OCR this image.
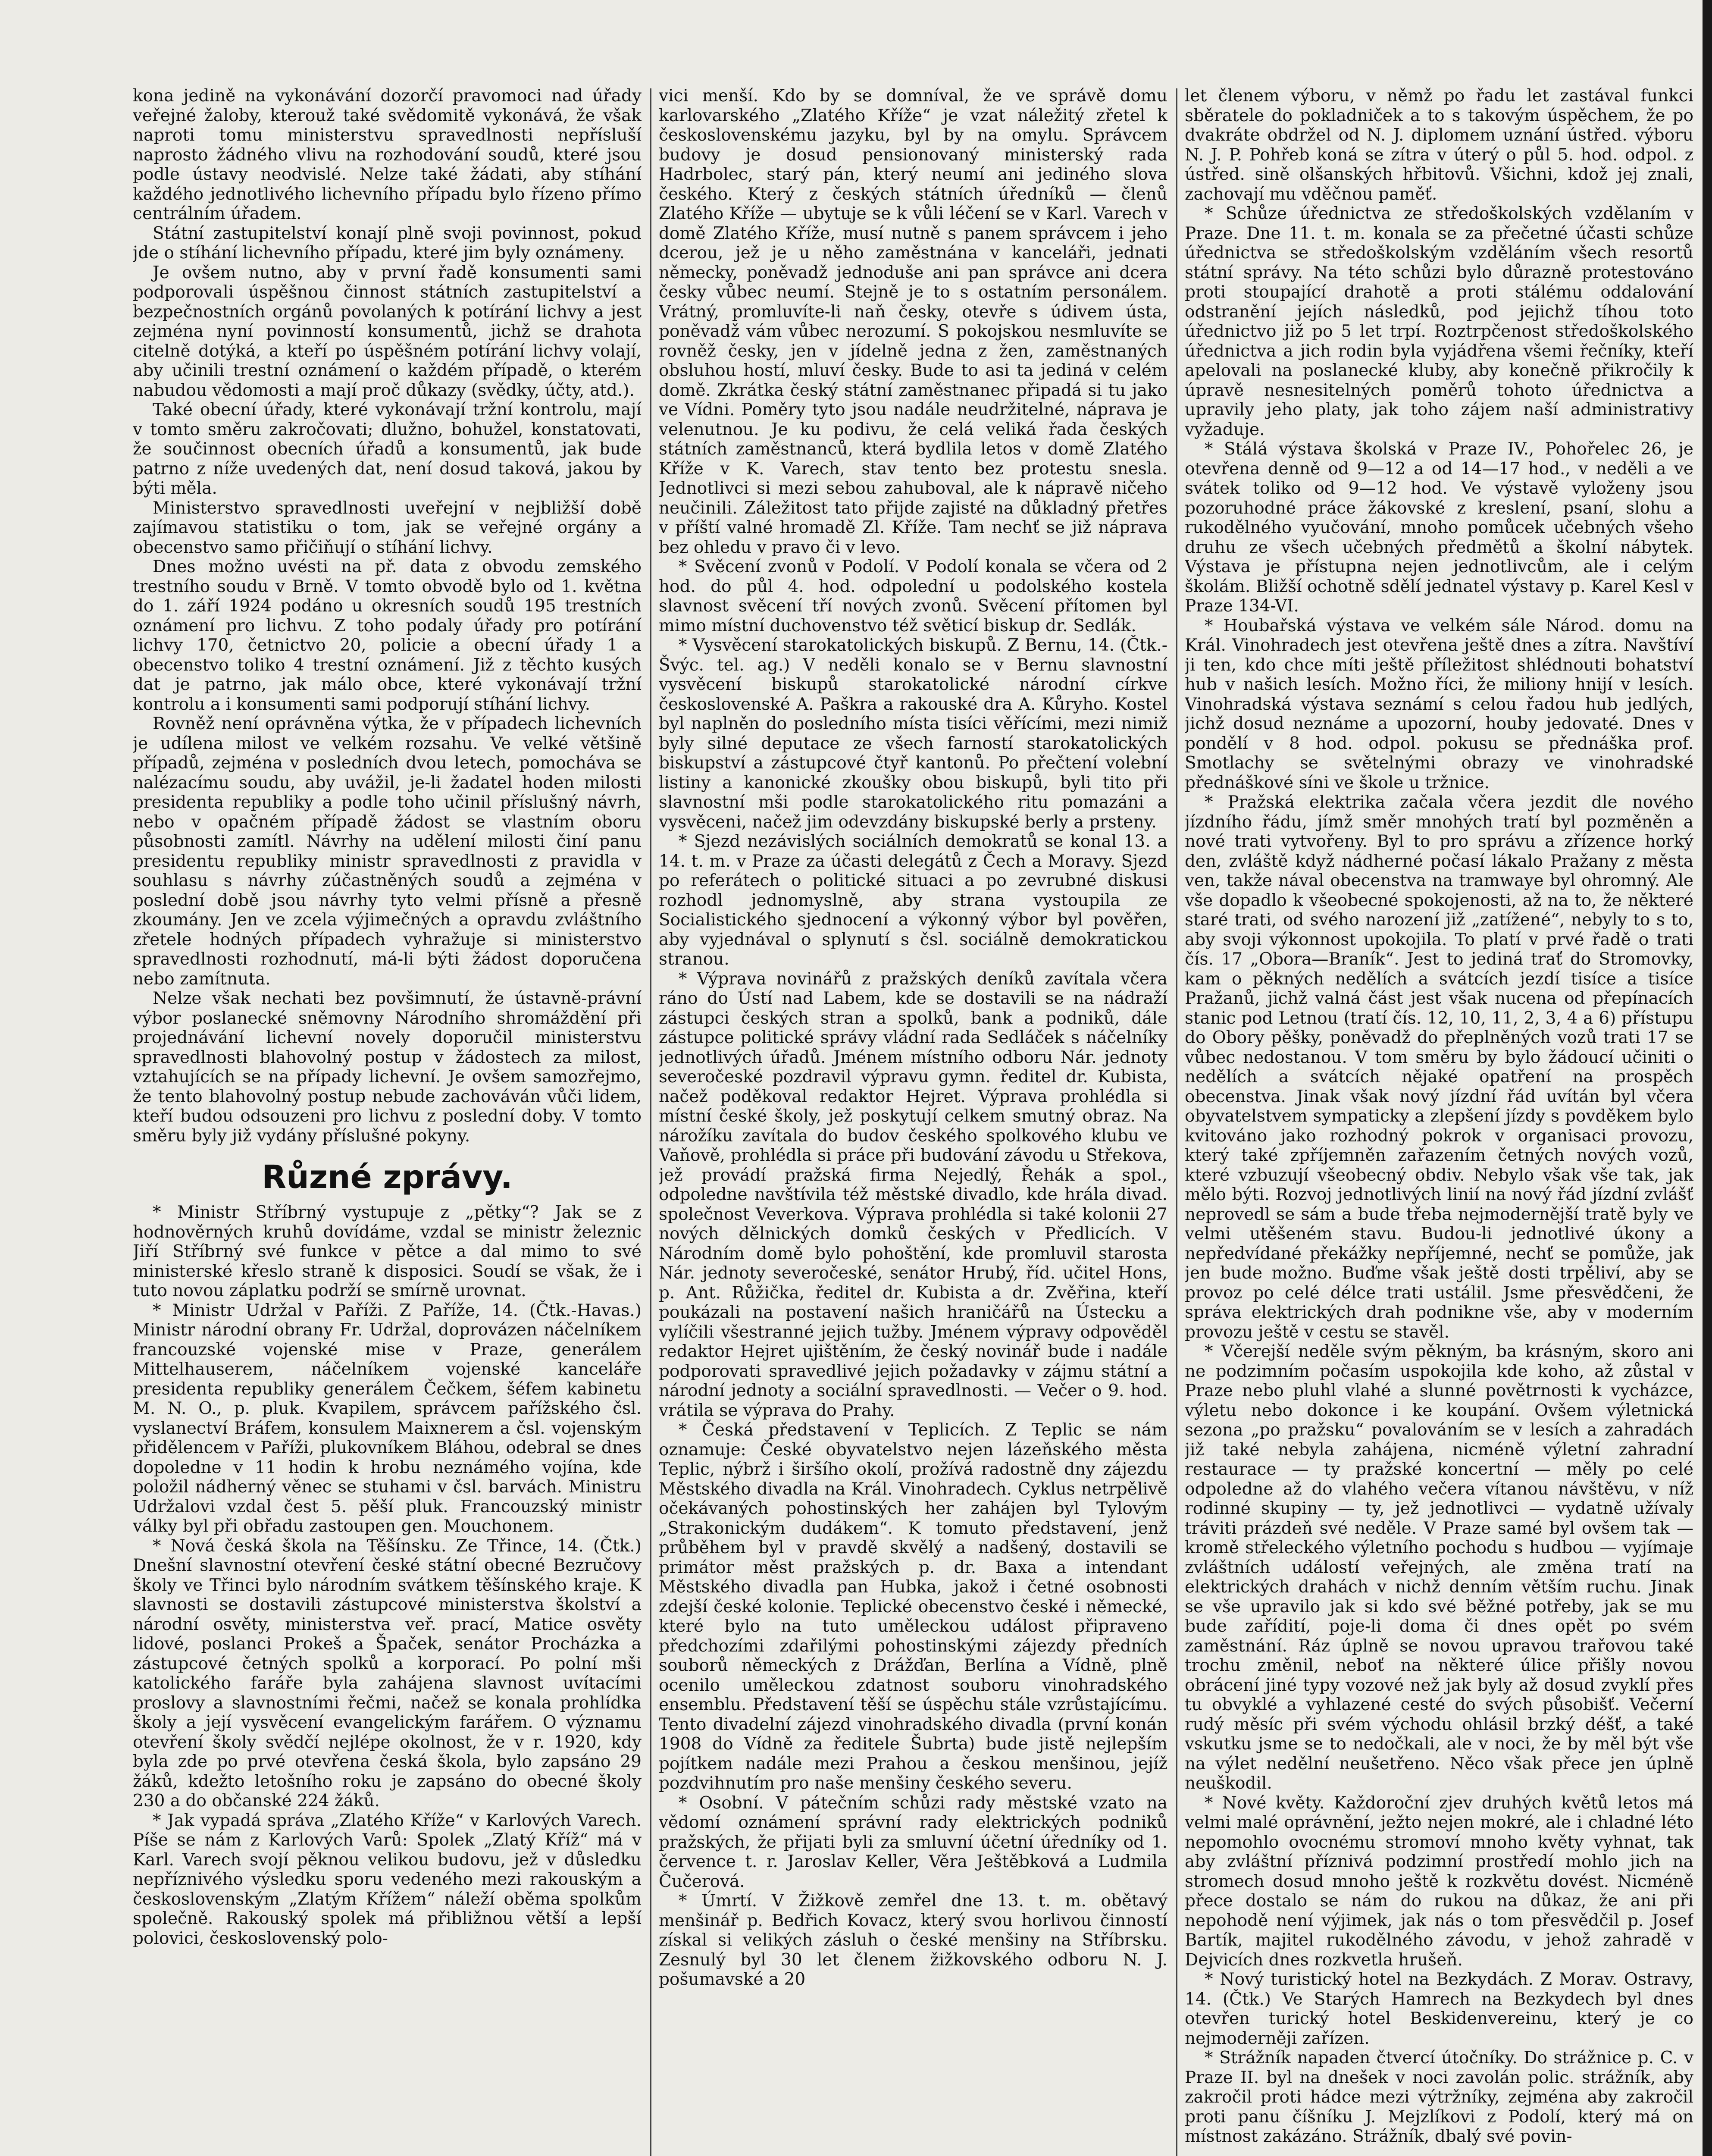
kona jedině na vykonávání dozorčí pravomoci nad úřady veřejné žaloby, kterouž také svědomitě vykonává, že však naproti tomu ministerstvu spravedlnosti nepřísluší naprosto žádného vlivu na rozhodování soudů, které jsou podle ústavy neodvislé. Nelze také žádati, aby stíhání každého jednotlivého lichevního případu bylo řízeno přímo centrálním úřadem.

Státní zastupitelství konají plně svoji povinnost, pokud jde o stíhání lichevního případu, které jim byly oznámeny.

Je ovšem nutno, aby v první řadě konsumenti sami podporovali úspěšnou činnost státních zastupitelství a bezpečnostních orgánů povolaných k potírání lichvy a jest zejména nyní povinností konsumentů, jichž se drahota citelně dotýká, a kteří po úspěšném potírání lichvy volají, aby učinili trestní oznámení o každém případě, o kterém nabudou vědomosti a mají proč důkazy (svědky, účty, atd.).

Také obecní úřady, které vykonávají tržní kontrolu, mají v tomto směru zakročovati; dlužno, bohužel, konstatovati, že součinnost obecních úřadů a konsumentů, jak bude patrno z níže uvedených dat, není dosud taková, jakou by býti měla.

Ministerstvo spravedlnosti uveřejní v nejbližší době zajímavou statistiku o tom, jak se veřejné orgány a obecenstvo samo přičiňují o stíhání lichvy.

Dnes možno uvésti na př. data z obvodu zemského trestního soudu v Brně. V tomto obvodě bylo od 1. května do 1. září 1924 podáno u okresních soudů 195 trestních oznámení pro lichvu. Z toho podaly úřady pro potírání lichvy 170, četnictvo 20, policie a obecní úřady 1 a obecenstvo toliko 4 trestní oznámení. Již z těchto kusých dat je patrno, jak málo obce, které vykonávají tržní kontrolu a i konsumenti sami podporují stíhání lichvy.

Rovněž není oprávněna výtka, že v případech lichevních je udílena milost ve velkém rozsahu. Ve velké většině případů, zejména v posledních dvou letech, pomocháva se nalézacímu soudu, aby uvážil, je-li žadatel hoden milosti presidenta republiky a podle toho učinil příslušný návrh, nebo v opačném případě žádost se vlastním oboru působnosti zamítl. Návrhy na udělení milosti činí panu presidentu republiky ministr spravedlnosti z pravidla v souhlasu s návrhy zúčastněných soudů a zejména v poslední době jsou návrhy tyto velmi přísně a přesně zkoumány. Jen ve zcela výjimečných a opravdu zvláštního zřetele hodných případech vyhražuje si ministerstvo spravedlnosti rozhodnutí, má-li býti žádost doporučena nebo zamítnuta.

Nelze však nechati bez povšimnutí, že ústavně-právní výbor poslanecké sněmovny Národního shromáždění při projednávání lichevní novely doporučil ministerstvu spravedlnosti blahovolný postup v žádostech za milost, vztahujících se na případy lichevní. Je ovšem samozřejmo, že tento blahovolný postup nebude zachováván vůči lidem, kteří budou odsouzeni pro lichvu z poslední doby. V tomto směru byly již vydány příslušné pokyny.

Různé zprávy.

* Ministr Stříbrný vystupuje z „pětky“? Jak se z hodnověrných kruhů dovídáme, vzdal se ministr železnic Jiří Stříbrný své funkce v pětce a dal mimo to své ministerské křeslo straně k disposici. Soudí se však, že i tuto novou záplatku podrží se smírně urovnat.

* Ministr Udržal v Paříži. Z Paříže, 14. (Čtk.-Havas.) Ministr národní obrany Fr. Udržal, doprovázen náčelníkem francouzské vojenské mise v Praze, generálem Mittelhauserem, náčelníkem vojenské kanceláře presidenta republiky generálem Čečkem, šéfem kabinetu M. N. O., p. pluk. Kvapilem, správcem pařížského čsl. vyslanectví Bráfem, konsulem Maixnerem a čsl. vojenským přidělencem v Paříži, plukovníkem Bláhou, odebral se dnes dopoledne v 11 hodin k hrobu neznámého vojína, kde položil nádherný věnec se stuhami v čsl. barvách. Ministru Udržalovi vzdal čest 5. pěší pluk. Francouzský ministr války byl při obřadu zastoupen gen. Mouchonem.

* Nová česká škola na Těšínsku. Ze Třince, 14. (Čtk.) Dnešní slavnostní otevření české státní obecné Bezručovy školy ve Třinci bylo národním svátkem těšínského kraje. K slavnosti se dostavili zástupcové ministerstva školství a národní osvěty, ministerstva veř. prací, Matice osvěty lidové, poslanci Prokeš a Špaček, senátor Procházka a zástupcové četných spolků a korporací. Po polní mši katolického faráře byla zahájena slavnost uvítacími proslovy a slavnostními řečmi, načež se konala prohlídka školy a její vysvěcení evangelickým farářem. O významu otevření školy svědčí nejlépe okolnost, že v r. 1920, kdy byla zde po prvé otevřena česká škola, bylo zapsáno 29 žáků, kdežto letošního roku je zapsáno do obecné školy 230 a do občanské 224 žáků.

* Jak vypadá správa „Zlatého Kříže“ v Karlových Varech. Píše se nám z Karlových Varů: Spolek „Zlatý Kříž“ má v Karl. Varech svojí pěknou velikou budovu, jež v důsledku nepříznivého výsledku sporu vedeného mezi rakouským a československým „Zlatým Křížem“ náleží oběma spolkům společně. Rakouský spolek má přibližnou větší a lepší polovici, československý polo-

vici menší. Kdo by se domníval, že ve správě domu karlovarského „Zlatého Kříže“ je vzat náležitý zřetel k československému jazyku, byl by na omylu. Správcem budovy je dosud pensionovaný ministerský rada Hadrbolec, starý pán, který neumí ani jediného slova českého. Který z českých státních úředníků — členů Zlatého Kříže — ubytuje se k vůli léčení se v Karl. Varech v domě Zlatého Kříže, musí nutně s panem správcem i jeho dcerou, jež je u něho zaměstnána v kanceláři, jednati německy, poněvadž jednoduše ani pan správce ani dcera česky vůbec neumí. Stejně je to s ostatním personálem. Vrátný, promluvíte-li naň česky, otevře s údivem ústa, poněvadž vám vůbec nerozumí. S pokojskou nesmluvíte se rovněž česky, jen v jídelně jedna z žen, zaměstnaných obsluhou hostí, mluví česky. Bude to asi ta jediná v celém domě. Zkrátka český státní zaměstnanec připadá si tu jako ve Vídni. Poměry tyto jsou nadále neudržitelné, náprava je velenutnou. Je ku podivu, že celá veliká řada českých státních zaměstnanců, která bydlila letos v domě Zlatého Kříže v K. Varech, stav tento bez protestu snesla. Jednotlivci si mezi sebou zahuboval, ale k nápravě ničeho neučinili. Záležitost tato přijde zajisté na důkladný přetřes v příští valné hromadě Zl. Kříže. Tam nechť se již náprava bez ohledu v pravo či v levo.

* Svěcení zvonů v Podolí. V Podolí konala se včera od 2 hod. do půl 4. hod. odpolední u podolského kostela slavnost svěcení tří nových zvonů. Svěcení přítomen byl mimo místní duchovenstvo též světicí biskup dr. Sedlák.

* Vysvěcení starokatolických biskupů. Z Bernu, 14. (Čtk.-Švýc. tel. ag.) V neděli konalo se v Bernu slavnostní vysvěcení biskupů starokatolické národní církve československé A. Paškra a rakouské dra A. Kůryho. Kostel byl naplněn do posledního místa tisíci věřícími, mezi nimiž byly silné deputace ze všech farností starokatolických biskupství a zástupcové čtyř kantonů. Po přečtení volební listiny a kanonické zkoušky obou biskupů, byli tito při slavnostní mši podle starokatolického ritu pomazáni a vysvěceni, načež jim odevzdány biskupské berly a prsteny.

* Sjezd nezávislých sociálních demokratů se konal 13. a 14. t. m. v Praze za účasti delegátů z Čech a Moravy. Sjezd po referátech o politické situaci a po zevrubné diskusi rozhodl jednomyslně, aby strana vystoupila ze Socialistického sjednocení a výkonný výbor byl pověřen, aby vyjednával o splynutí s čsl. sociálně demokratickou stranou.

* Výprava novinářů z pražských deníků zavítala včera ráno do Ústí nad Labem, kde se dostavili se na nádraží zástupci českých stran a spolků, bank a podniků, dále zástupce politické správy vládní rada Sedláček s náčelníky jednotlivých úřadů. Jménem místního odboru Nár. jednoty severočeské pozdravil výpravu gymn. ředitel dr. Kubista, načež poděkoval redaktor Hejret. Výprava prohlédla si místní české školy, jež poskytují celkem smutný obraz. Na nárožíku zavítala do budov českého spolkového klubu ve Vaňově, prohlédla si práce při budování závodu u Střekova, jež provádí pražská firma Nejedlý, Řehák a spol., odpoledne navštívila též městské divadlo, kde hrála divad. společnost Veverkova. Výprava prohlédla si také kolonii 27 nových dělnických domků českých v Předlicích. V Národním domě bylo pohoštění, kde promluvil starosta Nár. jednoty severočeské, senátor Hrubý, říd. učitel Hons, p. Ant. Růžička, ředitel dr. Kubista a dr. Zvěřina, kteří poukázali na postavení našich hraničářů na Ústecku a vylíčili všestranné jejich tužby. Jménem výpravy odpověděl redaktor Hejret ujištěním, že český novinář bude i nadále podporovati spravedlivé jejich požadavky v zájmu státní a národní jednoty a sociální spravedlnosti. — Večer o 9. hod. vrátila se výprava do Prahy.

* Česká představení v Teplicích. Z Teplic se nám oznamuje: České obyvatelstvo nejen lázeňského města Teplic, nýbrž i širšího okolí, prožívá radostně dny zájezdu Městského divadla na Král. Vinohradech. Cyklus netrpělivě očekávaných pohostinských her zahájen byl Tylovým „Strakonickým dudákem“. K tomuto představení, jenž průběhem byl v pravdě skvělý a nadšený, dostavili se primátor měst pražských p. dr. Baxa a intendant Městského divadla pan Hubka, jakož i četné osobnosti zdejší české kolonie. Teplické obecenstvo české i německé, které bylo na tuto uměleckou událost připraveno předchozími zdařilými pohostinskými zájezdy předních souborů německých z Drážďan, Berlína a Vídně, plně ocenilo uměleckou zdatnost souboru vinohradského ensemblu. Představení těší se úspěchu stále vzrůstajícímu. Tento divadelní zájezd vinohradského divadla (první konán 1908 do Vídně za ředitele Šubrta) bude jistě nejlepším pojítkem nadále mezi Prahou a českou menšinou, jejíž pozdvihnutím pro naše menšiny českého severu.

* Osobní. V pátečním schůzi rady městské vzato na vědomí oznámení správní rady elektrických podniků pražských, že přijati byli za smluvní účetní úředníky od 1. července t. r. Jaroslav Keller, Věra Ještěbková a Ludmila Čučerová.

* Úmrtí. V Žižkově zemřel dne 13. t. m. obětavý menšinář p. Bedřich Kovacz, který svou horlivou činností získal si velikých zásluh o české menšiny na Stříbrsku. Zesnulý byl 30 let členem žižkovského odboru N. J. pošumavské a 20

let členem výboru, v němž po řadu let zastával funkci sběratele do pokladniček a to s takovým úspěchem, že po dvakráte obdržel od N. J. diplomem uznání ústřed. výboru N. J. P. Pohřeb koná se zítra v úterý o půl 5. hod. odpol. z ústřed. sině olšanských hřbitovů. Všichni, kdož jej znali, zachovají mu vděčnou paměť.

* Schůze úřednictva ze středoškolských vzdělaním v Praze. Dne 11. t. m. konala se za přečetné účasti schůze úřednictva se středoškolským vzděláním všech resortů státní správy. Na této schůzi bylo důrazně protestováno proti stoupající drahotě a proti stálému oddalování odstranění jejích následků, pod jejichž tíhou toto úřednictvo již po 5 let trpí. Roztrpčenost středoškolského úřednictva a jich rodin byla vyjádřena všemi řečníky, kteří apelovali na poslanecké kluby, aby konečně přikročily k úpravě nesnesitelných poměrů tohoto úřednictva a upravily jeho platy, jak toho zájem naší administrativy vyžaduje.

* Stálá výstava školská v Praze IV., Pohořelec 26, je otevřena denně od 9—12 a od 14—17 hod., v neděli a ve svátek toliko od 9—12 hod. Ve výstavě vyloženy jsou pozoruhodné práce žákovské z kreslení, psaní, slohu a rukodělného vyučování, mnoho pomůcek učebných všeho druhu ze všech učebných předmětů a školní nábytek. Výstava je přístupna nejen jednotlivcům, ale i celým školám. Bližší ochotně sdělí jednatel výstavy p. Karel Kesl v Praze 134-VI.

* Houbařská výstava ve velkém sále Národ. domu na Král. Vinohradech jest otevřena ještě dnes a zítra. Navštíví ji ten, kdo chce míti ještě příležitost shlédnouti bohatství hub v našich lesích. Možno říci, že miliony hnijí v lesích. Vinohradská výstava seznámí s celou řadou hub jedlých, jichž dosud neznáme a upozorní, houby jedovaté. Dnes v pondělí v 8 hod. odpol. pokusu se přednáška prof. Smotlachy se světelnými obrazy ve vinohradské přednáškové síni ve škole u tržnice.

* Pražská elektrika začala včera jezdit dle nového jízdního řádu, jímž směr mnohých tratí byl pozměněn a nové trati vytvořeny. Byl to pro správu a zřízence horký den, zvláště když nádherné počasí lákalo Pražany z města ven, takže nával obecenstva na tramwaye byl ohromný. Ale vše dopadlo k všeobecné spokojenosti, až na to, že některé staré trati, od svého narození již „zatížené“, nebyly to s to, aby svoji výkonnost upokojila. To platí v prvé řadě o trati čís. 17 „Obora—Braník“. Jest to jediná trať do Stromovky, kam o pěkných nedělích a svátcích jezdí tisíce a tisíce Pražanů, jichž valná část jest však nucena od přepínacích stanic pod Letnou (tratí čís. 12, 10, 11, 2, 3, 4 a 6) přístupu do Obory pěšky, poněvadž do přeplněných vozů trati 17 se vůbec nedostanou. V tom směru by bylo žádoucí učiniti o nedělích a svátcích nějaké opatření na prospěch obecenstva. Jinak však nový jízdní řád uvítán byl včera obyvatelstvem sympaticky a zlepšení jízdy s povděkem bylo kvitováno jako rozhodný pokrok v organisaci provozu, který také zpříjemněn zařazením četných nových vozů, které vzbuzují všeobecný obdiv. Nebylo však vše tak, jak mělo býti. Rozvoj jednotlivých linií na nový řád jízdní zvlášť neprovedl se sám a bude třeba nejmodernější tratě byly ve velmi utěšeném stavu. Budou-li jednotlivé úkony a nepředvídané překážky nepříjemné, nechť se pomůže, jak jen bude možno. Buďme však ještě dosti trpěliví, aby se provoz po celé délce trati ustálil. Jsme přesvědčeni, že správa elektrických drah podnikne vše, aby v moderním provozu ještě v cestu se stavěl.

* Včerejší neděle svým pěkným, ba krásným, skoro ani ne podzimním počasím uspokojila kde koho, až zůstal v Praze nebo pluhl vlahé a slunné povětrnosti k vycházce, výletu nebo dokonce i ke koupání. Ovšem výletnická sezona „po pražsku“ povalováním se v lesích a zahradách již také nebyla zahájena, nicméně výletní zahradní restaurace — ty pražské koncertní — měly po celé odpoledne až do vlahého večera vítanou návštěvu, v níž rodinné skupiny — ty, jež jednotlivci — vydatně užívaly tráviti prázdeň své neděle. V Praze samé byl ovšem tak — kromě střeleckého výletního pochodu s hudbou — vyjímaje zvláštních událostí veřejných, ale změna tratí na elektrických drahách v nichž denním větším ruchu. Jinak se vše upravilo jak si kdo své běžné potřeby, jak se mu bude zařídití, poje-li doma či dnes opět po svém zaměstnání. Ráz úplně se novou upravou trařovou také trochu změnil, neboť na některé úlice přišly novou obrácení jiné typy vozové než jak byly až dosud zvyklí přes tu obvyklé a vyhlazené cesté do svých působišť. Večerní rudý měsíc při svém východu ohlásil brzký déšť, a také vskutku jsme se to nedočkali, ale v noci, že by měl být vše na výlet nedělní neušetřeno. Něco však přece jen úplně neuškodil.

* Nové květy. Každoroční zjev druhých květů letos má velmi malé oprávnění, ježto nejen mokré, ale i chladné léto nepomohlo ovocnému stromoví mnoho květy vyhnat, tak aby zvláštní příznivá podzimní prostředí mohlo jich na stromech dosud mnoho ještě k rozkvětu dovést. Nicméně přece dostalo se nám do rukou na důkaz, že ani při nepohodě není výjimek, jak nás o tom přesvědčil p. Josef Bartík, majitel rukodělného závodu, v jehož zahradě v Dejvicích dnes rozkvetla hrušeň.

* Nový turistický hotel na Bezkydách. Z Morav. Ostravy, 14. (Čtk.) Ve Starých Hamrech na Bezkydech byl dnes otevřen turický hotel Beskidenvereinu, který je co nejmoderněji zařízen.

* Strážník napaden čtvercí útočníky. Do strážnice p. C. v Praze II. byl na dnešek v noci zavolán polic. strážník, aby zakročil proti hádce mezi výtržníky, zejména aby zakročil proti panu číšníku J. Mejzlíkovi z Podolí, který má on místnost zakázáno. Strážník, dbalý své povin-
